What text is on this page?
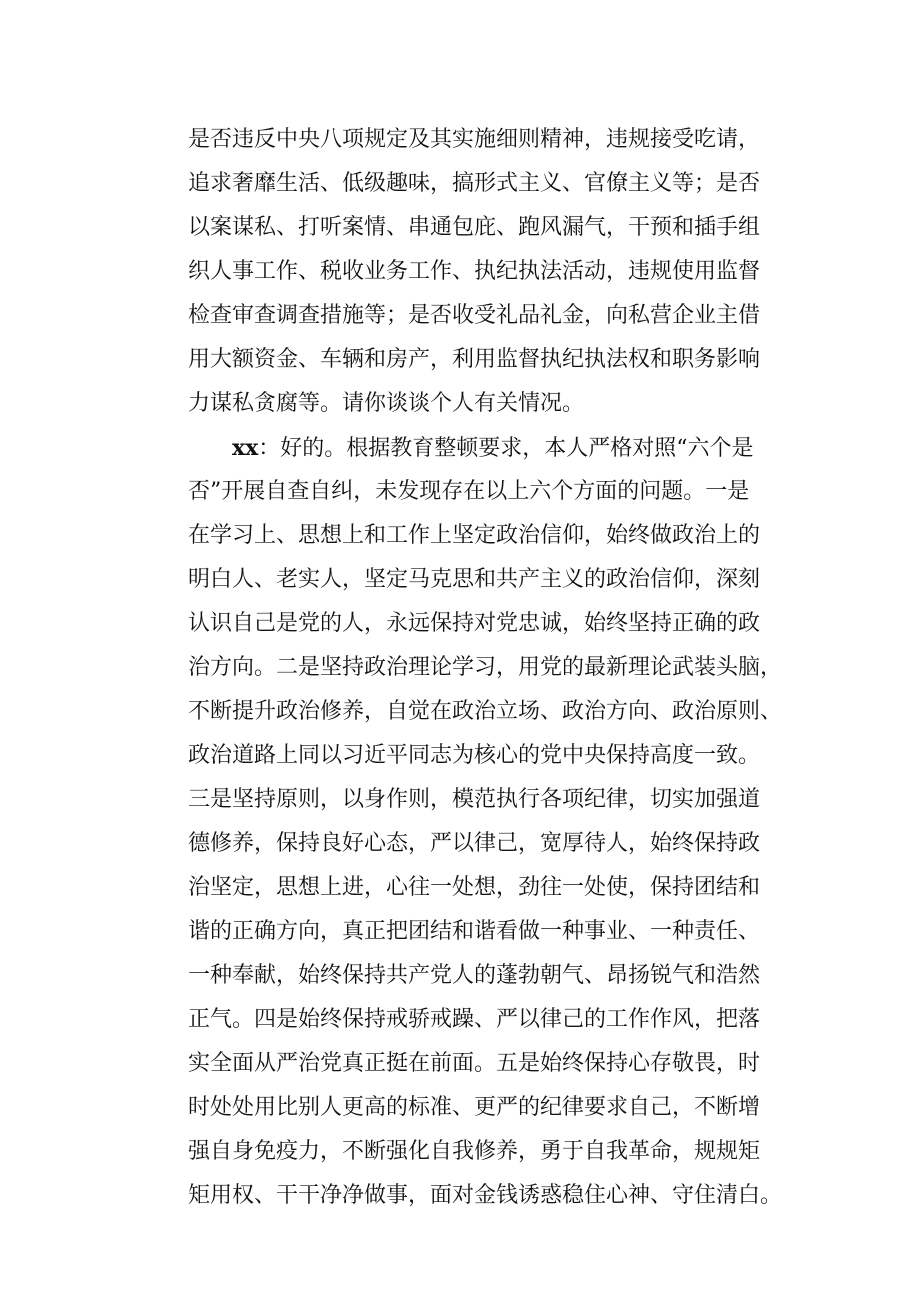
是否违反中央八项规定及其实施细则精神，违规接受吃请，
追求奢靡生活、低级趣味，搞形式主义、官僚主义等；是否
以案谋私、打听案情、串通包庇、跑风漏气，干预和插手组
织人事工作、税收业务工作、执纪执法活动，违规使用监督
检查审查调查措施等；是否收受礼品礼金，向私营企业主借
用大额资金、车辆和房产，利用监督执纪执法权和职务影响
力谋私贪腐等。请你谈谈个人有关情况。
xx：好的。根据教育整顿要求，本人严格对照“六个是
否”开展自查自纠，未发现存在以上六个方面的问题。一是
在学习上、思想上和工作上坚定政治信仰，始终做政治上的
明白人、老实人，坚定马克思和共产主义的政治信仰，深刻
认识自己是党的人，永远保持对党忠诚，始终坚持正确的政
治方向。二是坚持政治理论学习，用党的最新理论武装头脑，
不断提升政治修养，自觉在政治立场、政治方向、政治原则、
政治道路上同以习近平同志为核心的党中央保持高度一致。
三是坚持原则，以身作则，模范执行各项纪律，切实加强道
德修养，保持良好心态，严以律己，宽厚待人，始终保持政
治坚定，思想上进，心往一处想，劲往一处使，保持团结和
谐的正确方向，真正把团结和谐看做一种事业、一种责任、
一种奉献，始终保持共产党人的蓬勃朝气、昂扬锐气和浩然
正气。四是始终保持戒骄戒躁、严以律己的工作作风，把落
实全面从严治党真正挺在前面。五是始终保持心存敬畏，时
时处处用比别人更高的标准、更严的纪律要求自己，不断增
强自身免疫力，不断强化自我修养，勇于自我革命，规规矩
矩用权、干干净净做事，面对金钱诱惑稳住心神、守住清白。
